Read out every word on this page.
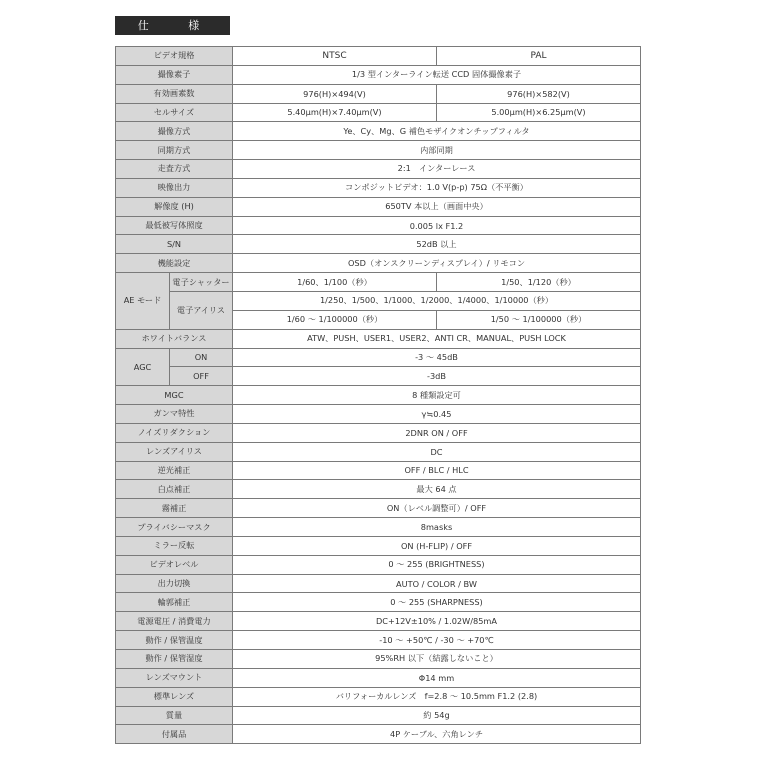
仕 様
ビデオ規格		NTSC	PAL
撮像素子		1/3 型インターライン転送 CCD 固体撮像素子	
有効画素数		976(H)×494(V)	976(H)×582(V)
セルサイズ		5.40μm(H)×7.40μm(V)	5.00μm(H)×6.25μm(V)
撮像方式		Ye、Cy、Mg、G 補色モザイクオンチップフィルタ	
同期方式		内部同期	
走査方式		2:1　インターレース	
映像出力		コンポジットビデオ：1.0 V(p-p) 75Ω（不平衡）	
解像度 (H)		650TV 本以上（画面中央）	
最低被写体照度		0.005 lx F1.2	
S/N		52dB 以上	
機能設定		OSD（オンスクリーンディスプレイ）/ リモコン	
AE モード	電子シャッター	1/60、1/100（秒）	1/50、1/120（秒）
	電子アイリス	1/250、1/500、1/1000、1/2000、1/4000、1/10000（秒）	
		1/60 ～ 1/100000（秒）	1/50 ～ 1/100000（秒）
ホワイトバランス		ATW、PUSH、USER1、USER2、ANTI CR、MANUAL、PUSH LOCK	
AGC	ON	-3 ～ 45dB	
	OFF	-3dB	
MGC		8 種類設定可	
ガンマ特性		γ≒0.45	
ノイズリダクション		2DNR ON / OFF	
レンズアイリス		DC	
逆光補正		OFF / BLC / HLC	
白点補正		最大 64 点	
霧補正		ON（レベル調整可）/ OFF	
プライバシーマスク		8masks	
ミラー反転		ON (H-FLIP) / OFF	
ビデオレベル		0 ～ 255 (BRIGHTNESS)	
出力切換		AUTO / COLOR / BW	
輪郭補正		0 ～ 255 (SHARPNESS)	
電源電圧 / 消費電力		DC+12V±10% / 1.02W/85mA	
動作 / 保管温度		-10 ～ +50℃ / -30 ～ +70℃	
動作 / 保管湿度		95%RH 以下（結露しないこと）	
レンズマウント		Φ14 mm	
標準レンズ		バリフォーカルレンズ　f=2.8 ～ 10.5mm F1.2 (2.8)	
質量		約 54g	
付属品		4P ケーブル、六角レンチ	
